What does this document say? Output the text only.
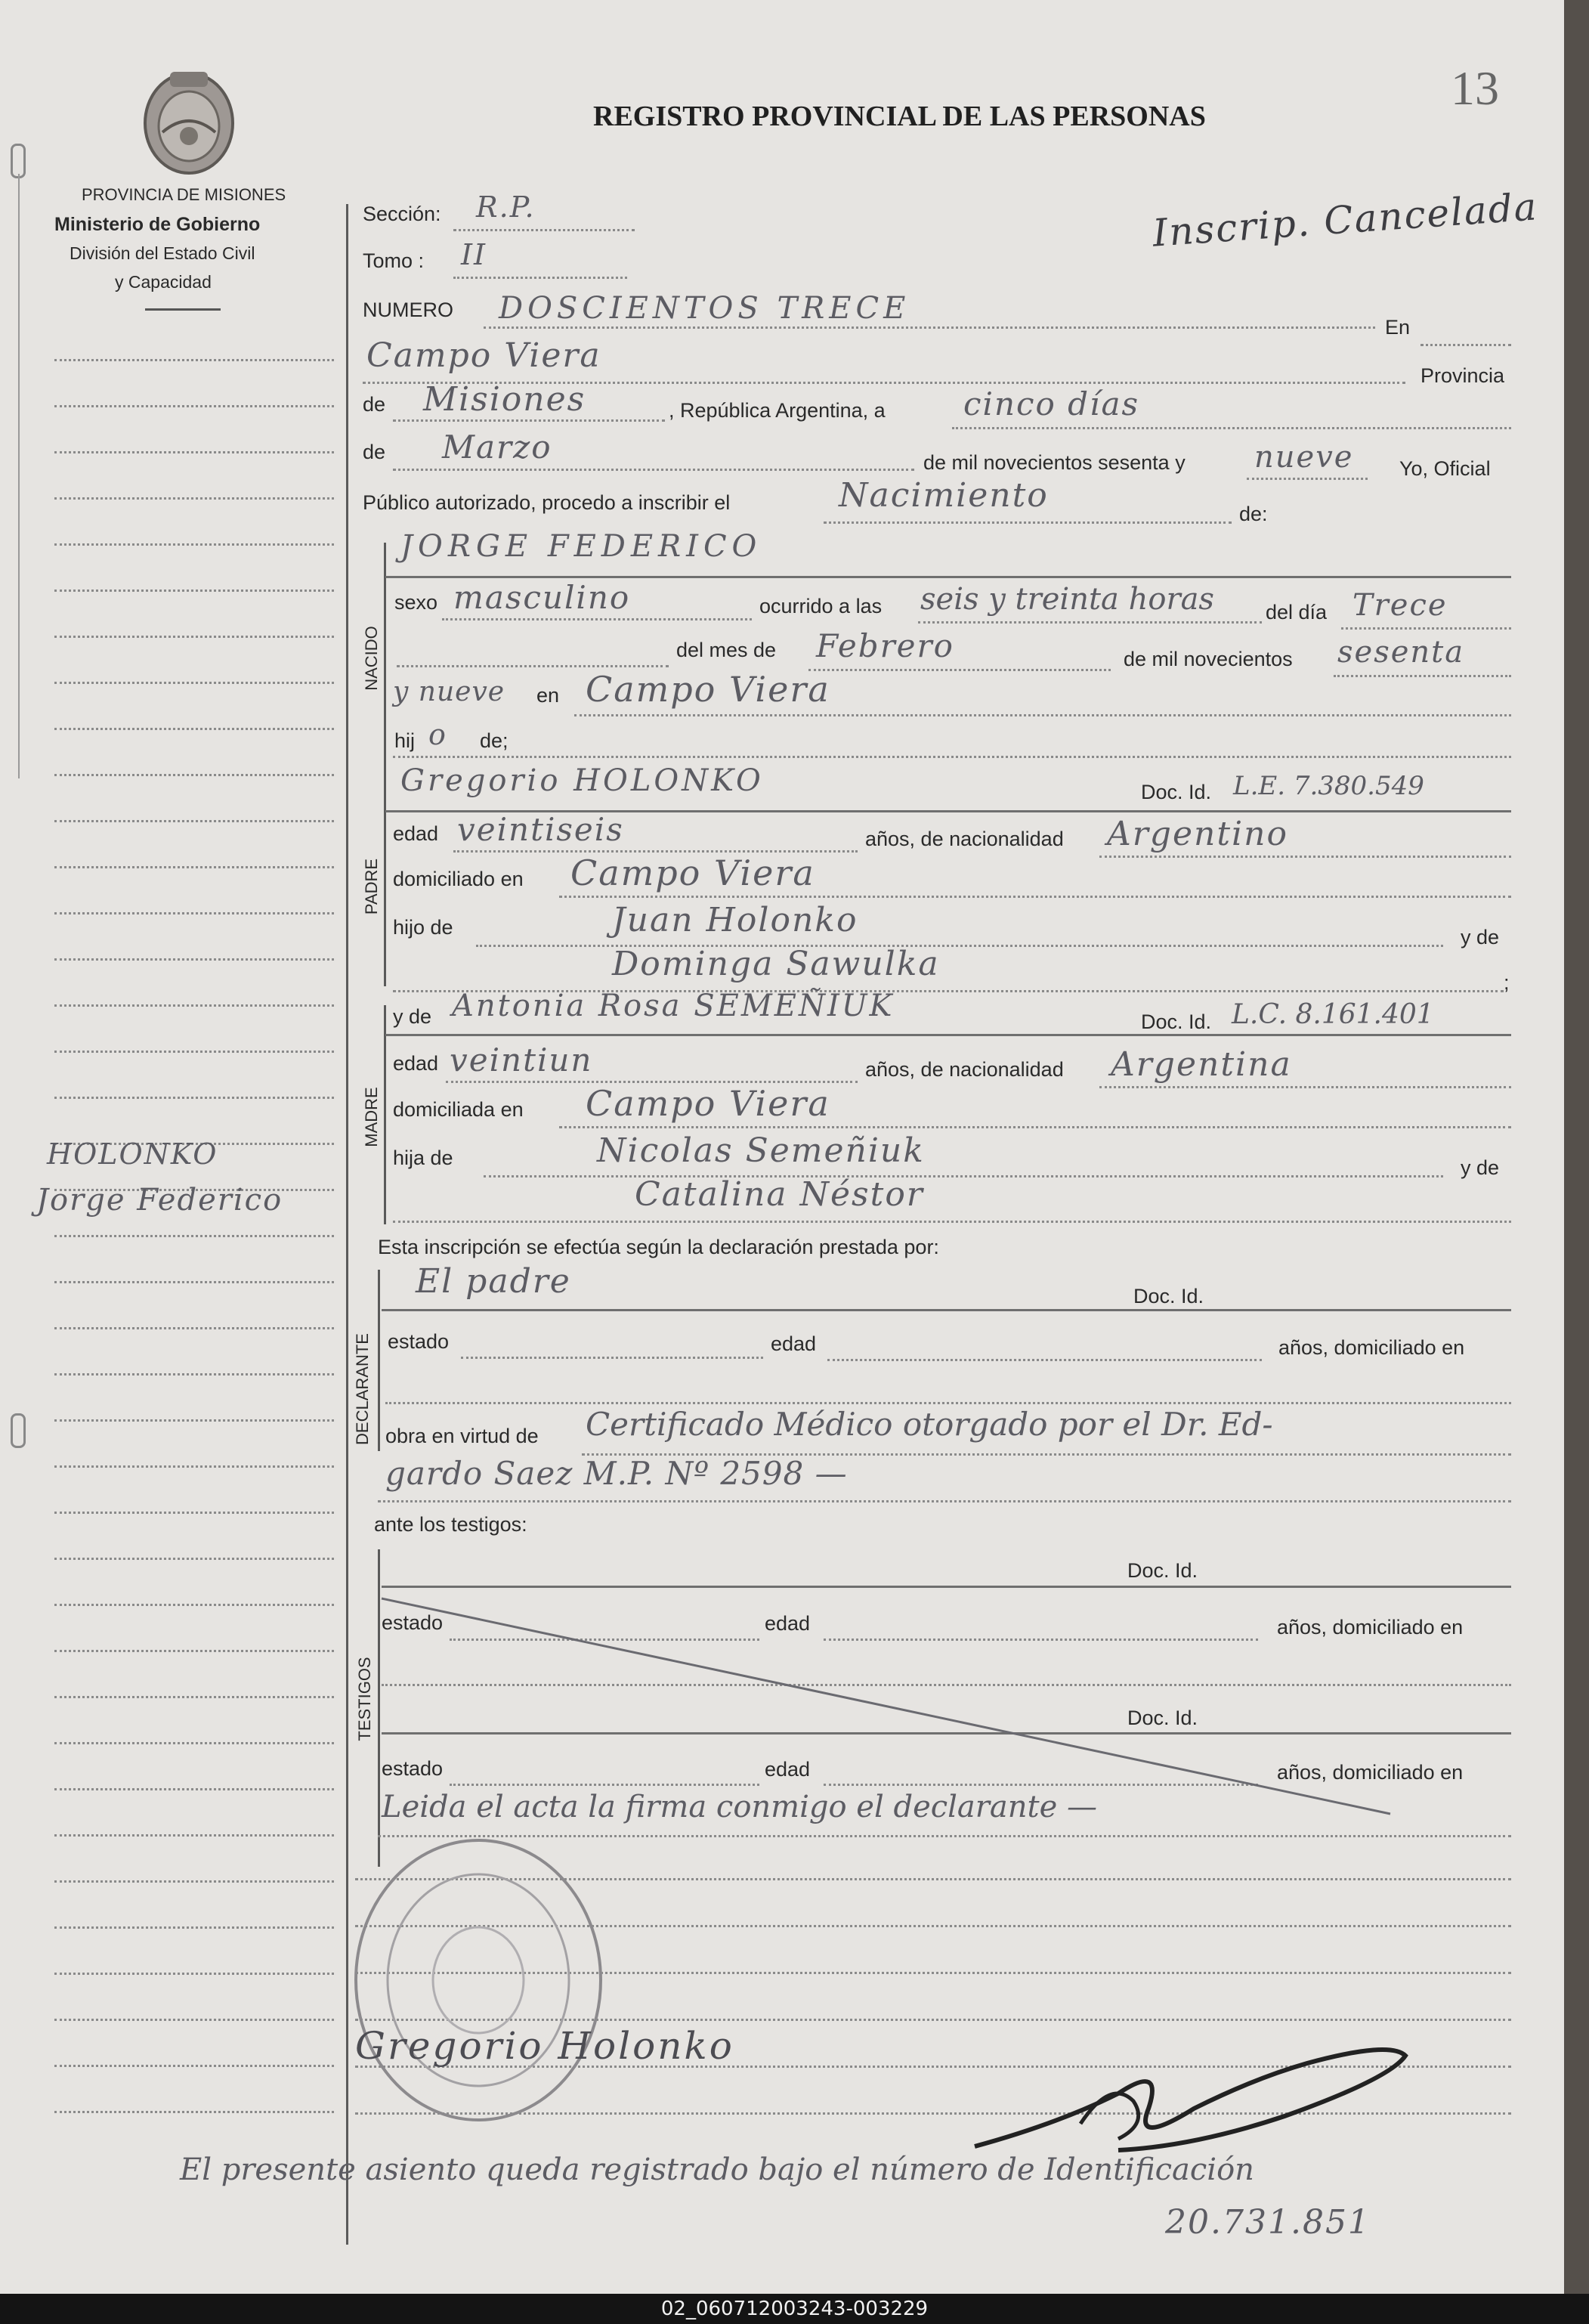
13
PROVINCIA DE MISIONES
Ministerio de Gobierno
División del Estado Civil
y Capacidad
REGISTRO PROVINCIAL DE LAS PERSONAS
Inscrip. Cancelada
HOLONKO
Jorge Federico
Sección: R.P.
Tomo : II
NUMERO DOSCIENTOS TRECE
En
Campo Viera
Provincia
de Misiones	, República Argentina, a cinco días
de Marzo	de mil novecientos sesenta y nueve Yo, Oficial
Público autorizado, procedo a inscribir el	Nacimiento	de:
NACIDO
JORGE FEDERICO
sexo masculino	ocurrido a las seis y treinta horas	del día Trece
del mes de Febrero	de mil novecientos sesenta
y nueve en Campo Viera
hij o de;
PADRE
Gregorio HOLONKO	Doc. Id. L.E. 7.380.549
edad veintiseis	años, de nacionalidad Argentino
domiciliado en Campo Viera
hijo de	Juan Holonko	y de
Dominga Sawulka	;
MADRE
y de Antonia Rosa SEMEÑIUK	Doc. Id. L.C. 8.161.401
edad veintiun	años, de nacionalidad Argentina
domiciliada en Campo Viera
hija de	Nicolas Semeñiuk	y de
Catalina Néstor
Esta inscripción se efectúa según la declaración prestada por:
DECLARANTE
El padre	Doc. Id.
estado	edad	años, domiciliado en
obra en virtud de Certificado Médico otorgado por el Dr. Ed-
gardo Saez M.P. Nº 2598 —
ante los testigos:
TESTIGOS
Doc. Id.
estado	edad	años, domiciliado en
Doc. Id.
estado	edad	años, domiciliado en
Leida el acta la firma conmigo el declarante —
Gregorio Holonko
El presente asiento queda registrado bajo el número de Identificación
20.731.851
02_060712003243-003229
